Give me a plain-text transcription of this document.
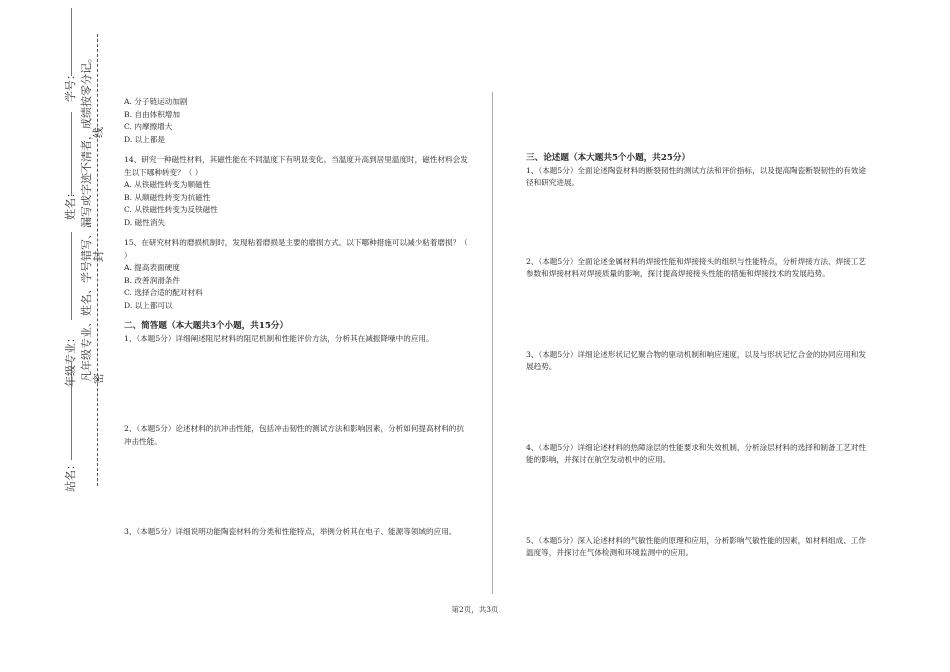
学号：
姓名：
年级专业：
站名：
凡年级专业、姓名、学号错写、漏写或字迹不清者，成绩按零分记。 线
封
密
A. 分子链运动加剧
B. 自由体积增加
C. 内摩擦增大
D. 以上都是

14、研究一种磁性材料，其磁性能在不同温度下有明显变化。当温度升高到居里温度时，磁性材料会发生以下哪种转变？（ ）

A. 从铁磁性转变为顺磁性
B. 从顺磁性转变为抗磁性
C. 从铁磁性转变为反铁磁性
D. 磁性消失

15、在研究材料的磨损机制时，发现粘着磨损是主要的磨损方式。以下哪种措施可以减少粘着磨损？（ ）

A. 提高表面硬度
B. 改善润滑条件
C. 选择合适的配对材料
D. 以上都可以

二、简答题（本大题共3个小题，共15分）

1、（本题5分）详细阐述阻尼材料的阻尼机制和性能评价方法，分析其在减振降噪中的应用。

2、（本题5分）论述材料的抗冲击性能，包括冲击韧性的测试方法和影响因素，分析如何提高材料的抗冲击性能。

3、（本题5分）详细说明功能陶瓷材料的分类和性能特点，举例分析其在电子、能源等领域的应用。

三、论述题（本大题共5个小题，共25分）

1、（本题5分）全面论述陶瓷材料的断裂韧性的测试方法和评价指标，以及提高陶瓷断裂韧性的有效途径和研究进展。

2、（本题5分）全面论述金属材料的焊接性能和焊接接头的组织与性能特点，分析焊接方法、焊接工艺参数和焊接材料对焊接质量的影响，探讨提高焊接接头性能的措施和焊接技术的发展趋势。

3、（本题5分）详细论述形状记忆聚合物的驱动机制和响应速度，以及与形状记忆合金的协同应用和发展趋势。

4、（本题5分）详细论述材料的热障涂层的性能要求和失效机制，分析涂层材料的选择和制备工艺对性能的影响，并探讨在航空发动机中的应用。

5、（本题5分）深入论述材料的气敏性能的原理和应用，分析影响气敏性能的因素，如材料组成、工作温度等，并探讨在气体检测和环境监测中的应用。

第2页，共3页
